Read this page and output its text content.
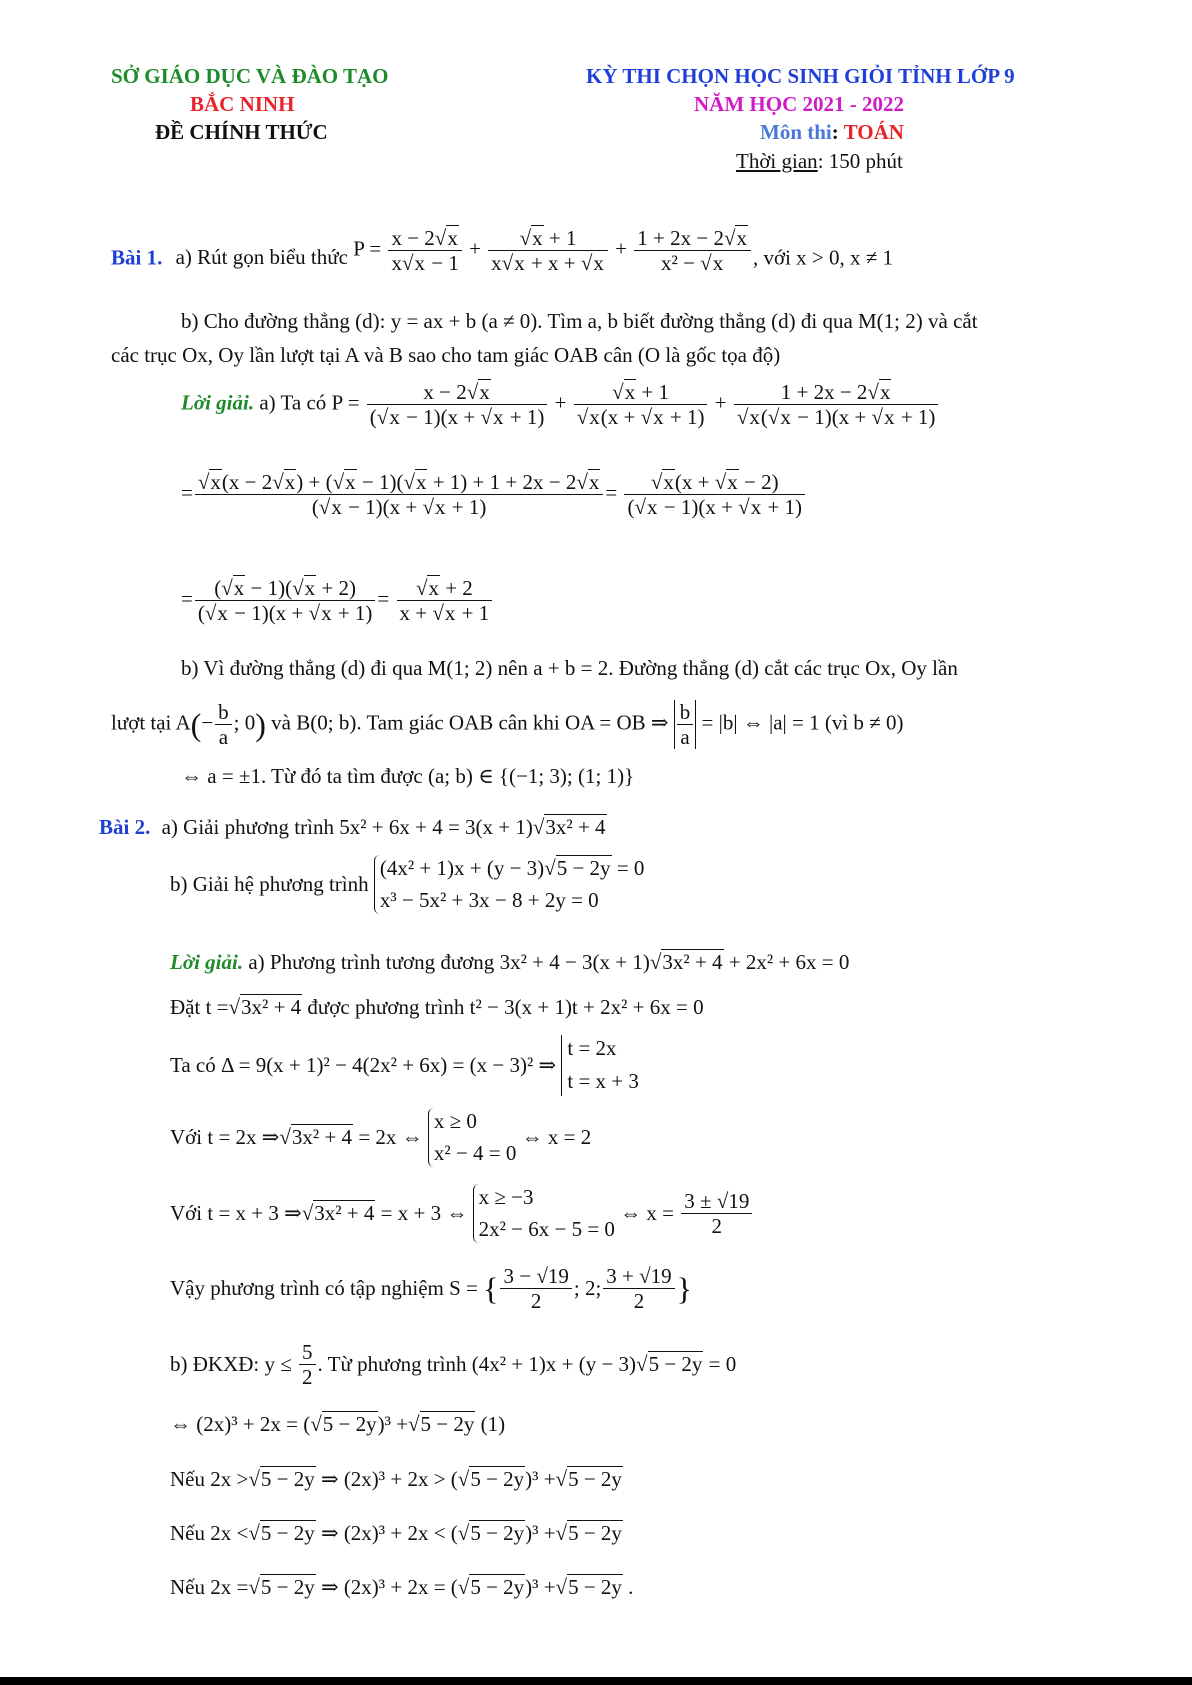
SỞ GIÁO DỤC VÀ ĐÀO TẠO
BẮC NINH
ĐỀ CHÍNH THỨC
KỲ THI CHỌN HỌC SINH GIỎI TỈNH LỚP 9
NĂM HỌC 2021 - 2022
Môn thi: TOÁN
Thời gian: 150 phút
Bài 1. a) Rút gọn biểu thức $P = \frac{x - 2√x}{x√x - 1} + \frac{√x + 1}{x√x + x + √x} + \frac{1 + 2x - 2√x}{\text{x² − √x}}$ , với x > 0, x ≠ 1
b) Cho đường thẳng (d): y = ax + b (a ≠ 0). Tìm a, b biết đường thẳng (d) đi qua M(1; 2) và cắt
các trục Ox, Oy lần lượt tại A và B sao cho tam giác OAB cân (O là gốc tọa độ)
Lời giải. a) Ta có $P = \frac{x - 2√x}{(√x - 1)(x + √x + 1)} + \frac{√x + 1}{√x(x + √x + 1)} + \frac{1 + 2x - 2√x}{√x(√x - 1)(x + √x + 1)}$
= $\frac{√x(x - 2√x) + (√x - 1)(√x + 1) + 1 + 2x - 2√x}{(√x - 1)(x + √x + 1)} = \frac{√x(x + √x - 2)}{(√x - 1)(x + √x + 1)}$
= $\frac{(√x - 1)(√x + 2)}{(√x - 1)(x + √x + 1)} = \frac{√x + 2}{x + √x + 1}$
b) Vì đường thẳng (d) đi qua M(1; 2) nên a + b = 2. Đường thẳng (d) cắt các trục Ox, Oy lần
lượt tại $A(- \frac{b}{a}$ ; 0) và B(0; b). Tam giác OAB cân khi OA = OB ⇒ $\frac{b}{a} = |b|$ ⇔ |a| = 1 (vì b ≠ 0)
⇔ a = ±1. Từ đó ta tìm được (a; b) ∈ {(−1; 3); (1; 1)}
Bài 2. a) Giải phương trình 5x² + 6x + 4 = 3(x + 1)√3x² + 4
b) Giải hệ phương trình
(4x² + 1)x + (y − 3)√5 − 2y = 0
x³ − 5x² + 3x − 8 + 2y = 0
Lời giải. a) Phương trình tương đương 3x² + 4 − 3(x + 1)√3x² + 4 + 2x² + 6x = 0
Đặt t =√3x² + 4 được phương trình t² − 3(x + 1)t + 2x² + 6x = 0
Ta có Δ = 9(x + 1)² − 4(2x² + 6x) = (x − 3)² ⇒
t = 2x
t = x + 3
Với t = 2x ⇒√3x² + 4 = 2x ⇔
x ≥ 0
x² − 4 = 0
⇔ x = 2
Với t = x + 3 ⇒√3x² + 4 = x + 3 ⇔
x ≥ −3
2x² − 6x − 5 = 0
⇔ $x = \frac{3 \pm √19}{2}$
Vậy phương trình có tập nghiệm S = { $\frac{3 - √19}{2}$ ; 2; $\frac{3 + √19}{2}$ }
b) ĐKXĐ: $y \le \frac{5}{2}$ . Từ phương trình (4x² + 1)x + (y − 3)√5 − 2y = 0
⇔ (2x)³ + 2x = (√5 − 2y)³ +√5 − 2y (1)
Nếu 2x >√5 − 2y ⇒ (2x)³ + 2x > (√5 − 2y)³ +√5 − 2y
Nếu 2x <√5 − 2y ⇒ (2x)³ + 2x < (√5 − 2y)³ +√5 − 2y
Nếu 2x =√5 − 2y ⇒ (2x)³ + 2x = (√5 − 2y)³ +√5 − 2y .
